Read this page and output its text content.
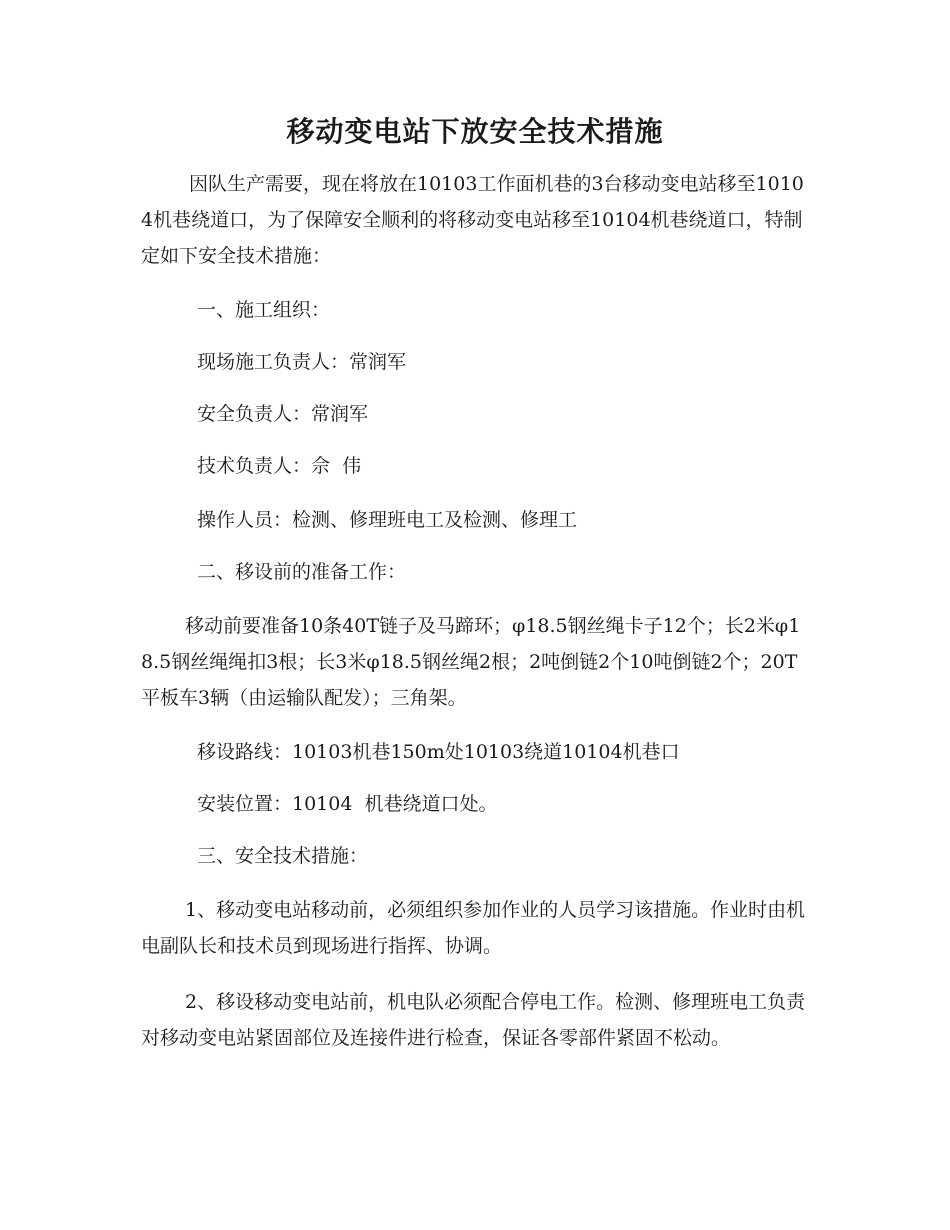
移动变电站下放安全技术措施

因队生产需要，现在将放在10103工作面机巷的3台移动变电站移至10104机巷绕道口，为了保障安全顺利的将移动变电站移至10104机巷绕道口，特制定如下安全技术措施：

一、施工组织：

现场施工负责人：常润军

安全负责人：常润军

技术负责人：佘  伟

操作人员：检测、修理班电工及检测、修理工

二、移设前的准备工作：

移动前要准备10条40T链子及马蹄环；φ18.5钢丝绳卡子12个；长2米φ18.5钢丝绳绳扣3根；长3米φ18.5钢丝绳2根；2吨倒链2个10吨倒链2个；20T平板车3辆（由运输队配发）；三角架。

移设路线：10103机巷150m处10103绕道10104机巷口

安装位置：10104  机巷绕道口处。

三、安全技术措施：

1、移动变电站移动前，必须组织参加作业的人员学习该措施。作业时由机电副队长和技术员到现场进行指挥、协调。

2、移设移动变电站前，机电队必须配合停电工作。检测、修理班电工负责对移动变电站紧固部位及连接件进行检查，保证各零部件紧固不松动。
